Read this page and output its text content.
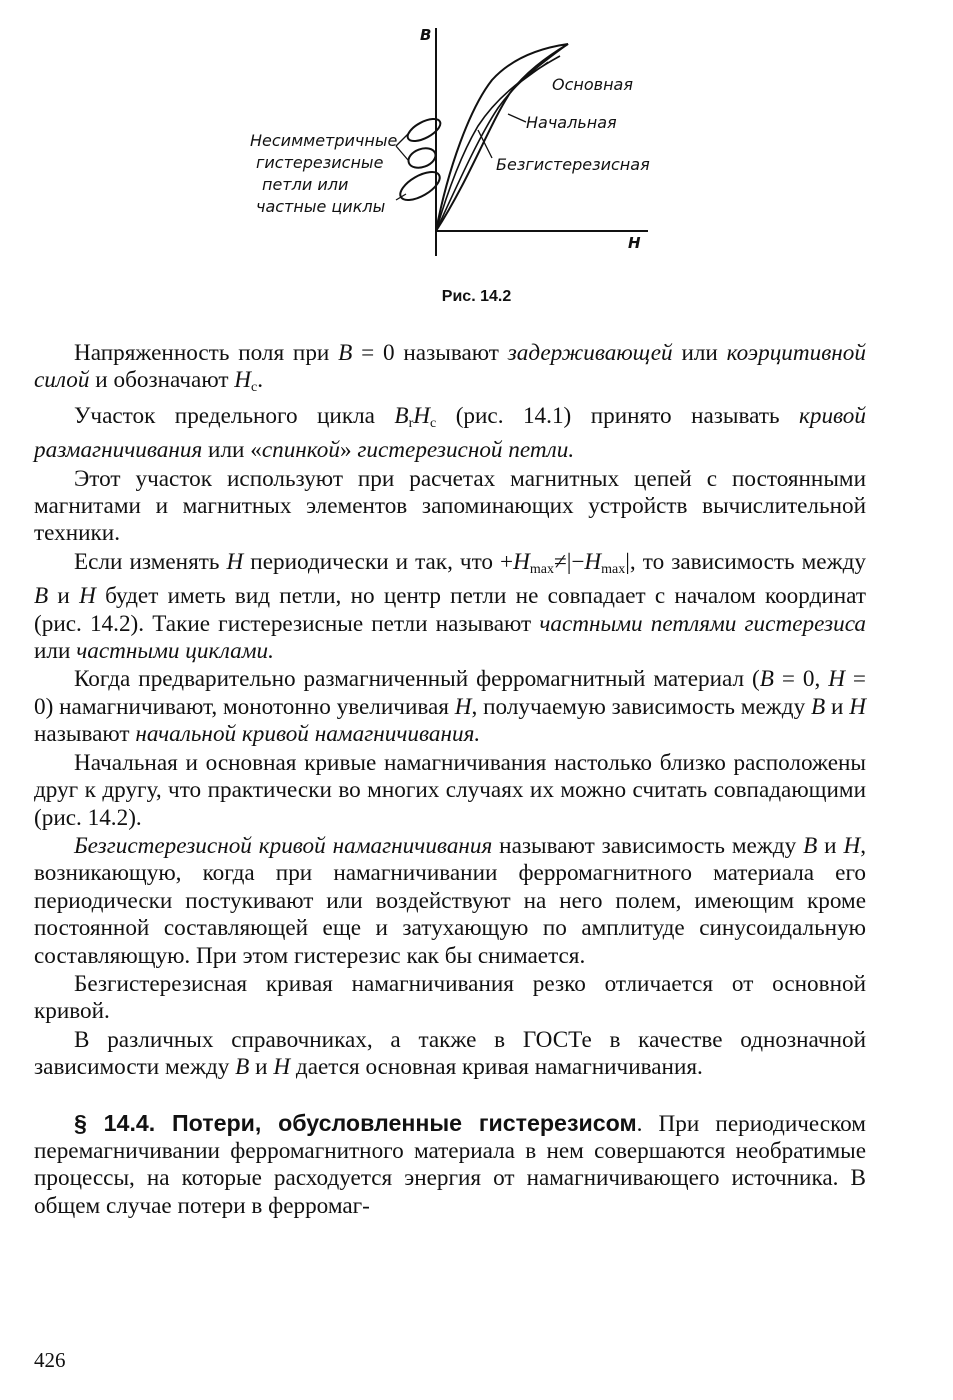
B
H
Основная
Начальная
Безгистерезисная
Несимметричные
гистерезисные
петли или
частные циклы
Рис. 14.2

Напряженность поля при B = 0 называют задерживающей или коэрцитивной силой и обозначают $H_c$.

Участок предельного цикла $B_rH_c$ (рис. 14.1) принято называть кривой размагничивания или «спинкой» гистерезисной петли.

Этот участок используют при расчетах магнитных цепей с постоянными магнитами и магнитных элементов запоминающих устройств вычислительной техники.

Если изменять H периодически и так, что $+H_{max}\ne|-H_{max}|$, то зависимость между B и H будет иметь вид петли, но центр петли не совпадает с началом координат (рис. 14.2). Такие гистерезисные петли называют частными петлями гистерезиса или частными циклами.

Когда предварительно размагниченный ферромагнитный материал (B = 0, H = 0) намагничивают, монотонно увеличивая H, получаемую зависимость между B и H называют начальной кривой намагничивания.

Начальная и основная кривые намагничивания настолько близко расположены друг к другу, что практически во многих случаях их можно считать совпадающими (рис. 14.2).

Безгистерезисной кривой намагничивания называют зависимость между B и H, возникающую, когда при намагничивании ферромагнитного материала его периодически постукивают или воздействуют на него полем, имеющим кроме постоянной составляющей еще и затухающую по амплитуде синусоидальную составляющую. При этом гистерезис как бы снимается.

Безгистерезисная кривая намагничивания резко отличается от основной кривой.

В различных справочниках, а также в ГОСТе в качестве однозначной зависимости между B и H дается основная кривая намагничивания.

§ 14.4. Потери, обусловленные гистерезисом. При периодическом перемагничивании ферромагнитного материала в нем совершаются необратимые процессы, на которые расходуется энергия от намагничивающего источника. В общем случае потери в ферромаг-

426
